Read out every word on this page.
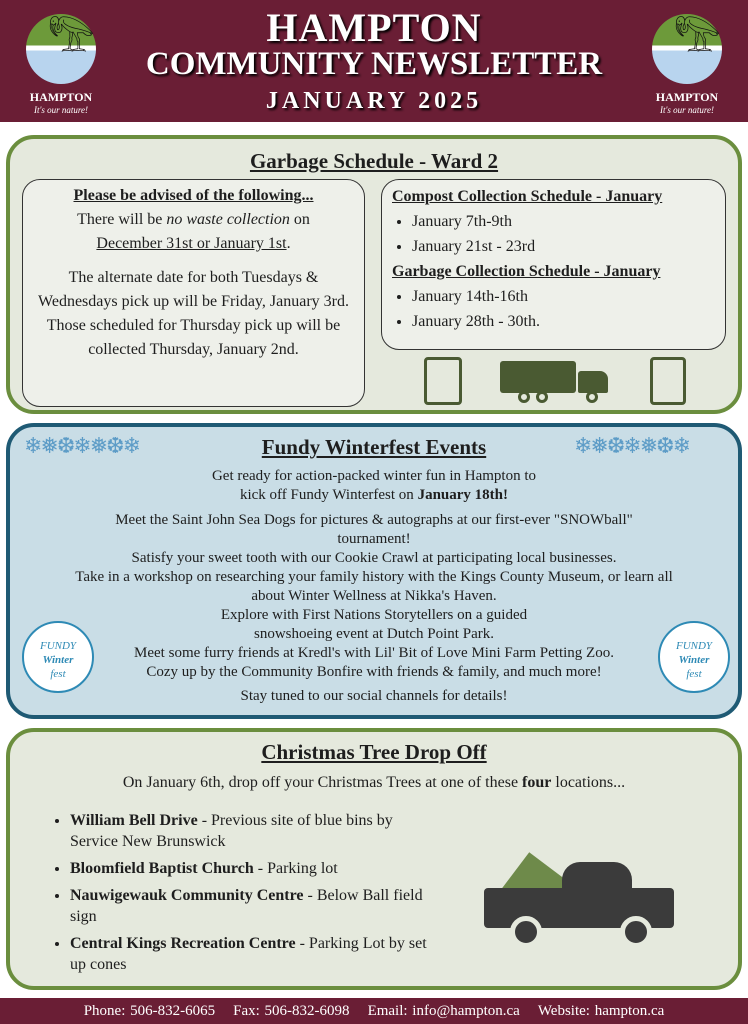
𓅟
HAMPTON
It's our nature!
HAMPTON
COMMUNITY NEWSLETTER
JANUARY 2025
𓅟
HAMPTON
It's our nature!
Garbage Schedule - Ward 2
Please be advised of the following...
There will be no waste collection on
December 31st or January 1st.
The alternate date for both Tuesdays & Wednesdays pick up will be Friday, January 3rd.
Those scheduled for Thursday pick up will be collected Thursday, January 2nd.
Compost Collection Schedule - January
• January 7th-9th
• January 21st - 23rd
Garbage Collection Schedule - January
• January 14th-16th
• January 28th - 30th.
❄❅❆❄❅❆❄	❄❅❆❄❅❆❄
Fundy Winterfest Events
Get ready for action-packed winter fun in Hampton to kick off Fundy Winterfest on January 18th!
Meet the Saint John Sea Dogs for pictures & autographs at our first-ever "SNOWball" tournament!
Satisfy your sweet tooth with our Cookie Crawl at participating local businesses.
Take in a workshop on researching your family history with the Kings County Museum, or learn all about Winter Wellness at Nikka's Haven.
Explore with First Nations Storytellers on a guided snowshoeing event at Dutch Point Park.
Meet some furry friends at Kredl's with Lil' Bit of Love Mini Farm Petting Zoo.
Cozy up by the Community Bonfire with friends & family, and much more!
Stay tuned to our social channels for details!
FUNDY
Winter
fest
FUNDY
Winter
fest
Christmas Tree Drop Off
On January 6th, drop off your Christmas Trees at one of these four locations...
• William Bell Drive - Previous site of blue bins by Service New Brunswick
• Bloomfield Baptist Church - Parking lot
• Nauwigewauk Community Centre - Below Ball field sign
• Central Kings Recreation Centre - Parking Lot by set up cones
Phone: 506-832-6065 Fax: 506-832-6098 Email: info@hampton.ca Website: hampton.ca
